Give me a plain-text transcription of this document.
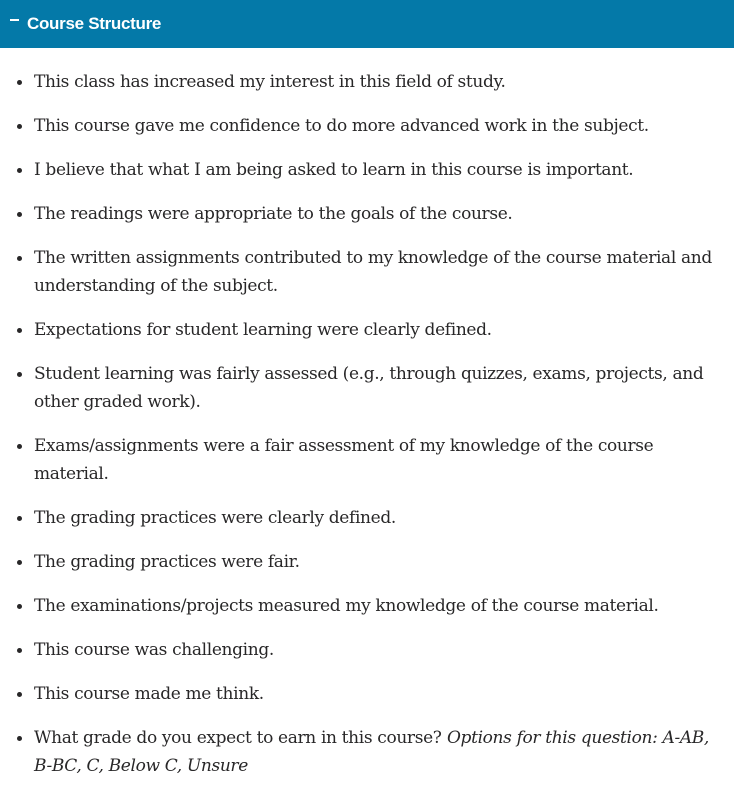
Course Structure
This class has increased my interest in this field of study.
This course gave me confidence to do more advanced work in the subject.
I believe that what I am being asked to learn in this course is important.
The readings were appropriate to the goals of the course.
The written assignments contributed to my knowledge of the course material and understanding of the subject.
Expectations for student learning were clearly defined.
Student learning was fairly assessed (e.g., through quizzes, exams, projects, and other graded work).
Exams/assignments were a fair assessment of my knowledge of the course material.
The grading practices were clearly defined.
The grading practices were fair.
The examinations/projects measured my knowledge of the course material.
This course was challenging.
This course made me think.
What grade do you expect to earn in this course? Options for this question: A-AB, B-BC, C, Below C, Unsure
